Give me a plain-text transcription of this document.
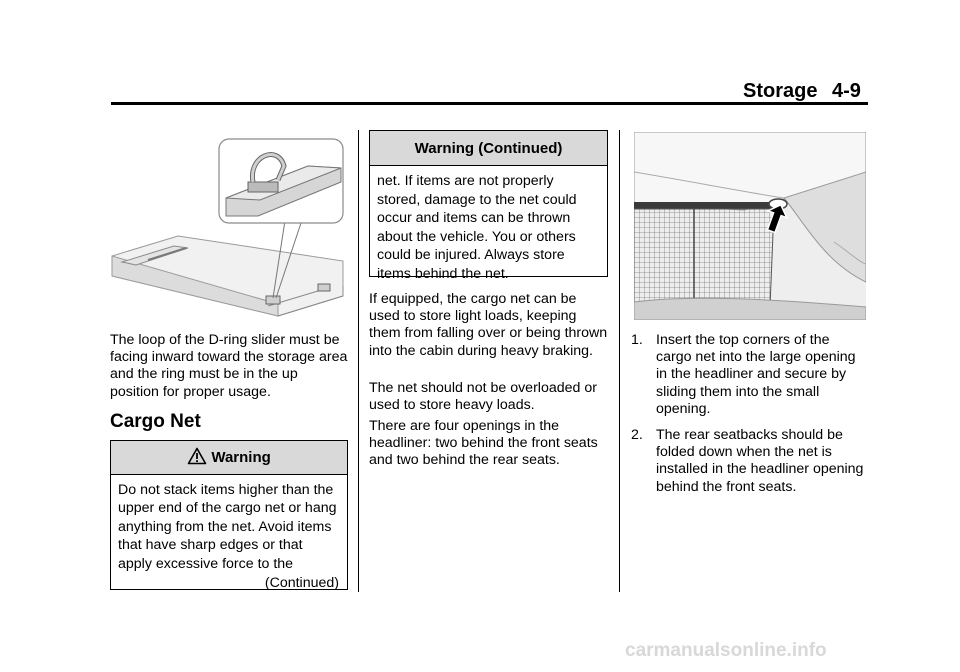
Storage 4-9

The loop of the D-ring slider must be facing inward toward the storage area and the ring must be in the up position for proper usage.

Cargo Net
Warning
Do not stack items higher than the upper end of the cargo net or hang anything from the net. Avoid items that have sharp edges or that apply excessive force to the
(Continued)
Warning (Continued)
net. If items are not properly stored, damage to the net could occur and items can be thrown about the vehicle. You or others could be injured. Always store items behind the net.

If equipped, the cargo net can be used to store light loads, keeping them from falling over or being thrown into the cabin during heavy braking.

The net should not be overloaded or used to store heavy loads.

There are four openings in the headliner: two behind the front seats and two behind the rear seats.

1. Insert the top corners of the cargo net into the large opening in the headliner and secure by sliding them into the small opening.
2. The rear seatbacks should be folded down when the net is installed in the headliner opening behind the front seats.
carmanualsonline.info
